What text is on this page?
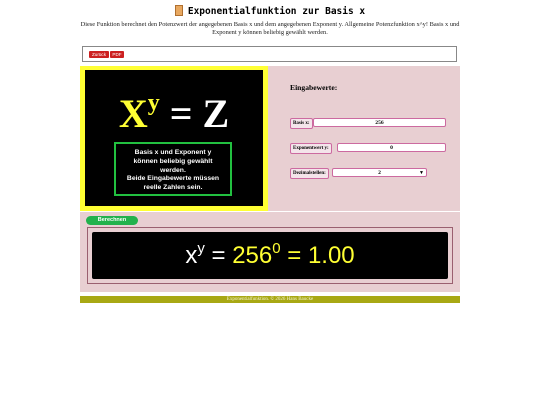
Exponentialfunktion zur Basis x
Diese Funktion berechnet den Potenzwert der angegebenen Basis x und dem angegebenen Exponent y. Allgemeine Potenzfunktion x^y! Basis x und Exponent y können beliebig gewählt werden.
Zurück	PDF
$X^y = Z$
Basis x und Exponent y
können beliebig gewählt
werden.
Beide Eingabewerte müssen
reelle Zahlen sein.
Eingabewerte:
Basis x:	256
Exponentwert y:	0
Dezimalstellen:	2	▼
Berechnen
$x^y = 256^0 = 1.00$
Exponentialfunktion. © 2026 Hans Baucke
